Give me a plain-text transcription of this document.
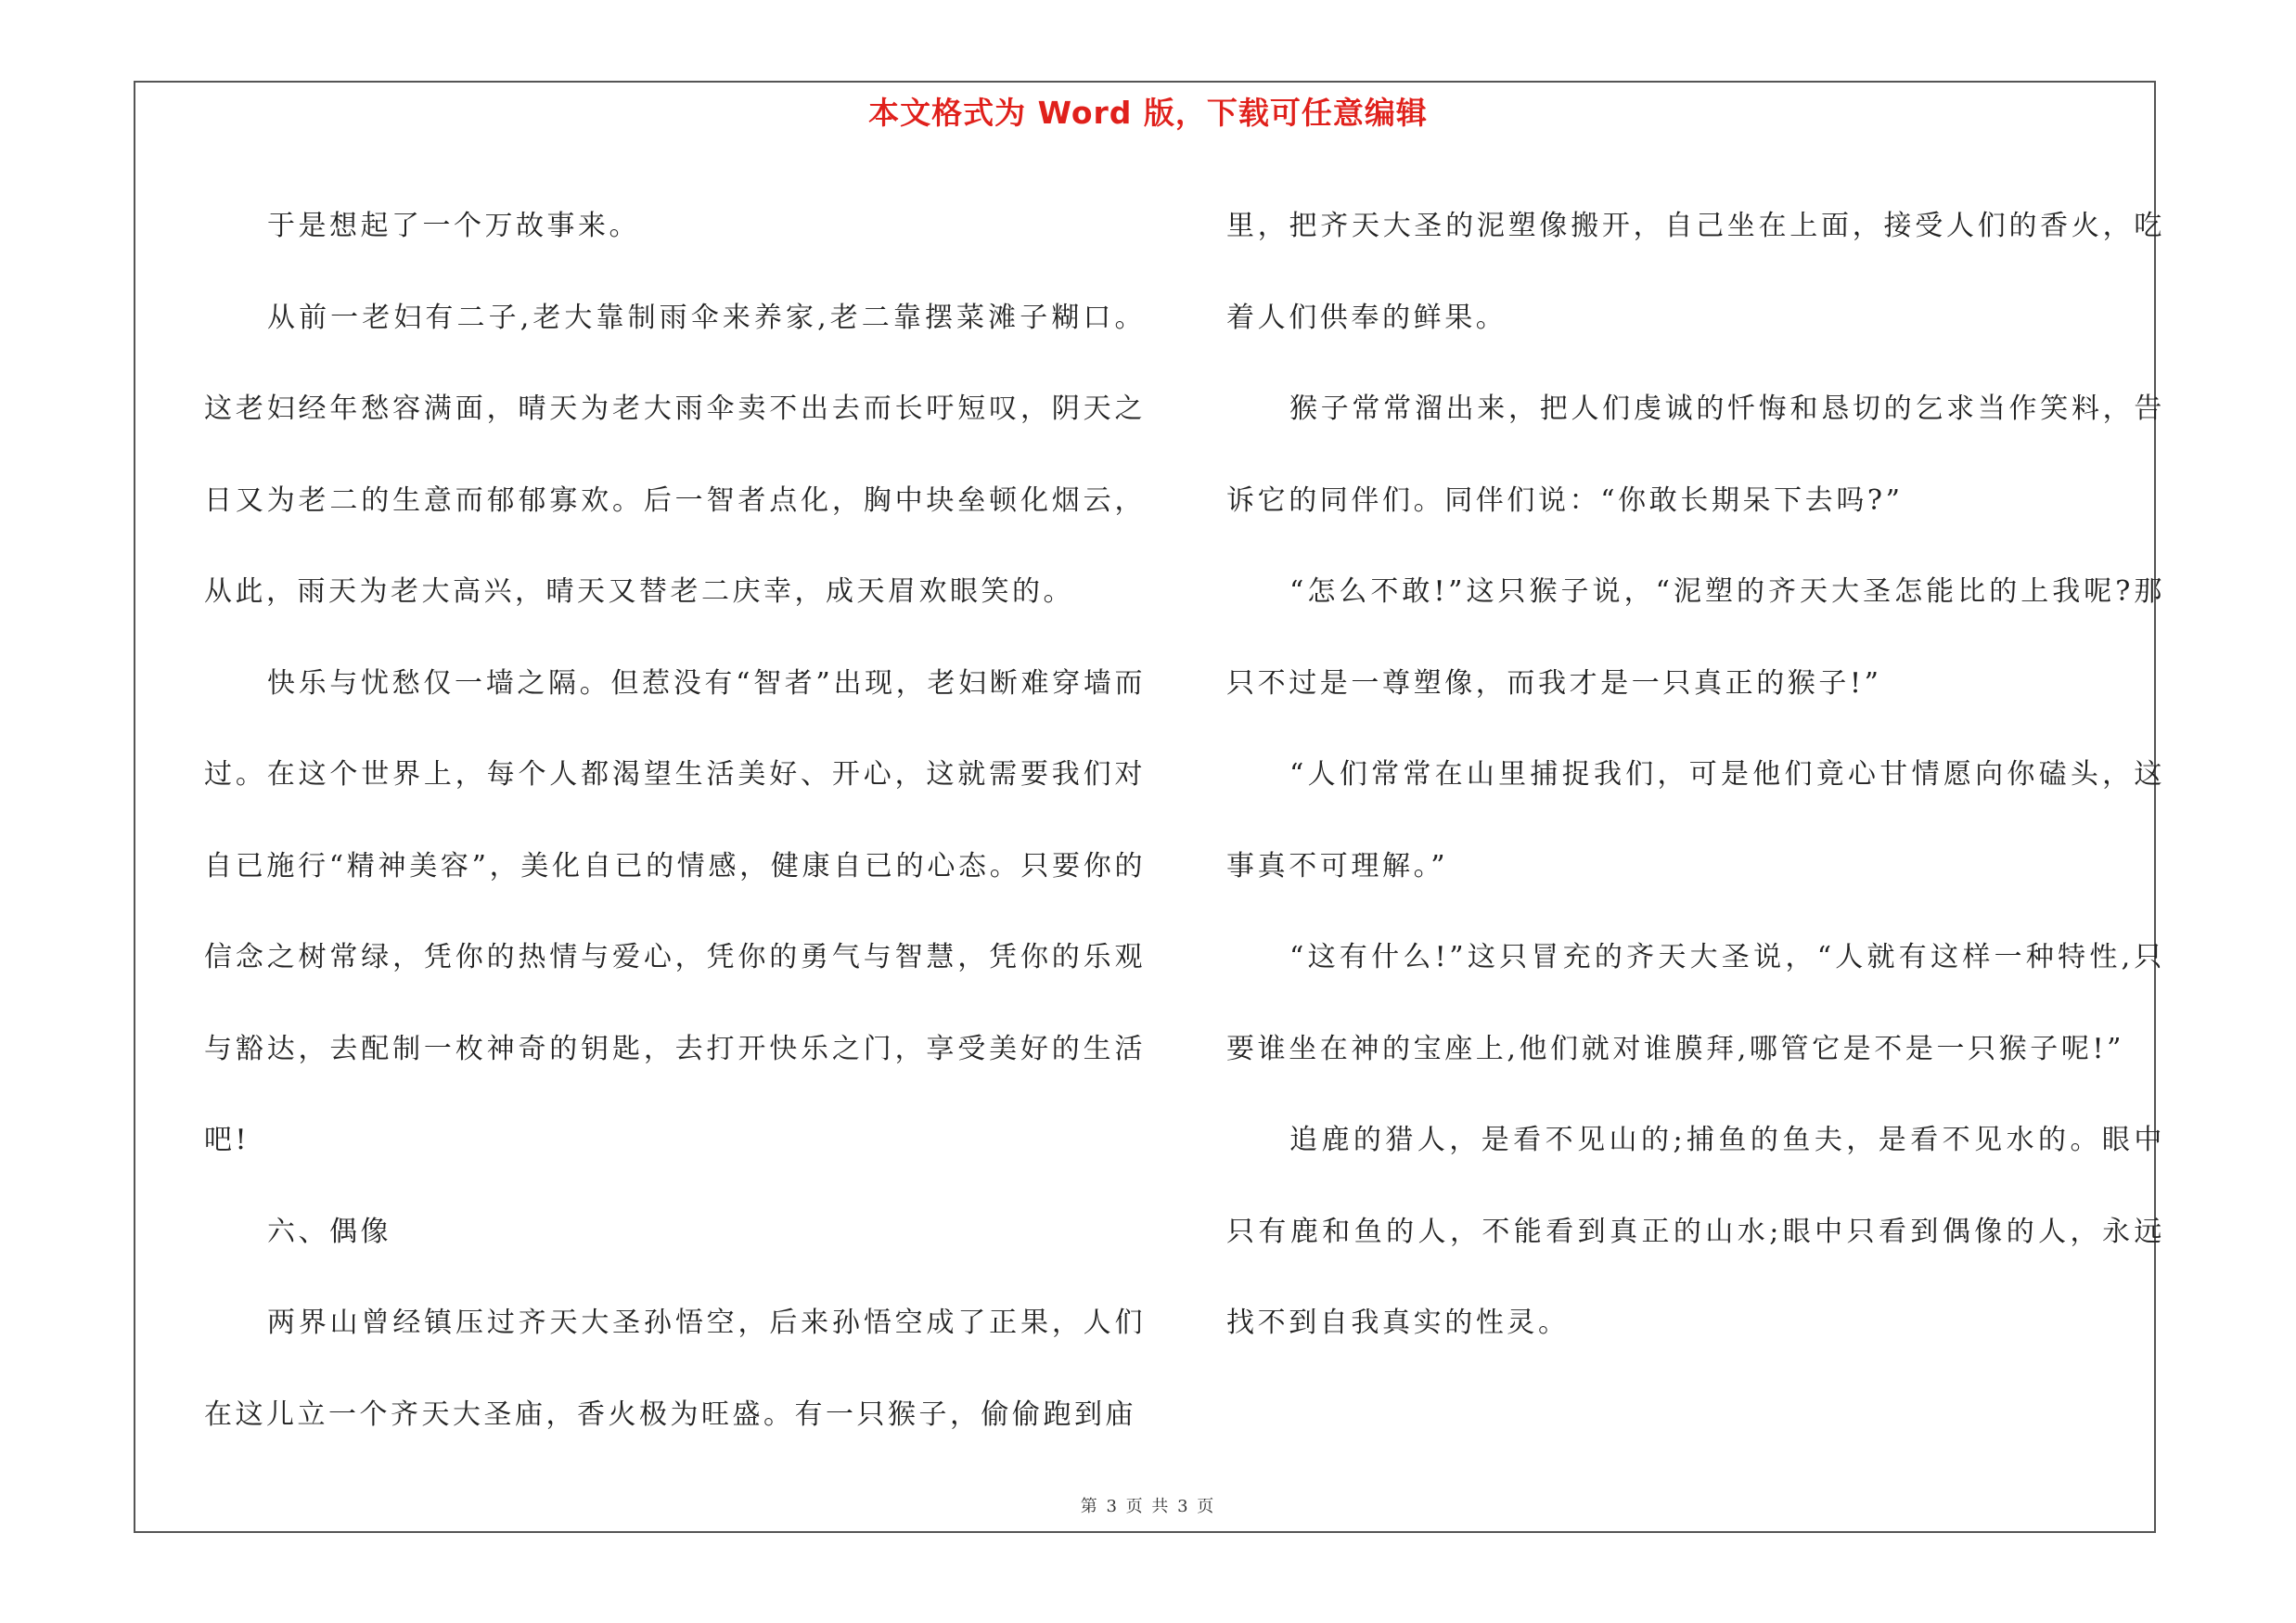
本文格式为 Word 版，下载可任意编辑

于是想起了一个万故事来。

从前一老妇有二子,老大靠制雨伞来养家,老二靠摆菜滩子糊口。这老妇经年愁容满面，晴天为老大雨伞卖不出去而长吁短叹，阴天之日又为老二的生意而郁郁寡欢。后一智者点化，胸中块垒顿化烟云，从此，雨天为老大高兴，晴天又替老二庆幸，成天眉欢眼笑的。

快乐与忧愁仅一墙之隔。但惹没有“智者”出现，老妇断难穿墙而过。在这个世界上，每个人都渴望生活美好、开心，这就需要我们对自已施行“精神美容”，美化自已的情感，健康自已的心态。只要你的信念之树常绿，凭你的热情与爱心，凭你的勇气与智慧，凭你的乐观与豁达，去配制一枚神奇的钥匙，去打开快乐之门，享受美好的生活吧!

六、偶像

两界山曾经镇压过齐天大圣孙悟空，后来孙悟空成了正果，人们在这儿立一个齐天大圣庙，香火极为旺盛。有一只猴子，偷偷跑到庙

里，把齐天大圣的泥塑像搬开，自己坐在上面，接受人们的香火，吃着人们供奉的鲜果。

猴子常常溜出来，把人们虔诚的忏悔和恳切的乞求当作笑料，告诉它的同伴们。同伴们说：“你敢长期呆下去吗?”

“怎么不敢!”这只猴子说，“泥塑的齐天大圣怎能比的上我呢?那只不过是一尊塑像，而我才是一只真正的猴子!”

“人们常常在山里捕捉我们，可是他们竟心甘情愿向你磕头，这事真不可理解。”

“这有什么!”这只冒充的齐天大圣说，“人就有这样一种特性,只要谁坐在神的宝座上,他们就对谁膜拜,哪管它是不是一只猴子呢!”

追鹿的猎人，是看不见山的;捕鱼的鱼夫，是看不见水的。眼中只有鹿和鱼的人，不能看到真正的山水;眼中只看到偶像的人，永远找不到自我真实的性灵。

第 3 页 共 3 页
